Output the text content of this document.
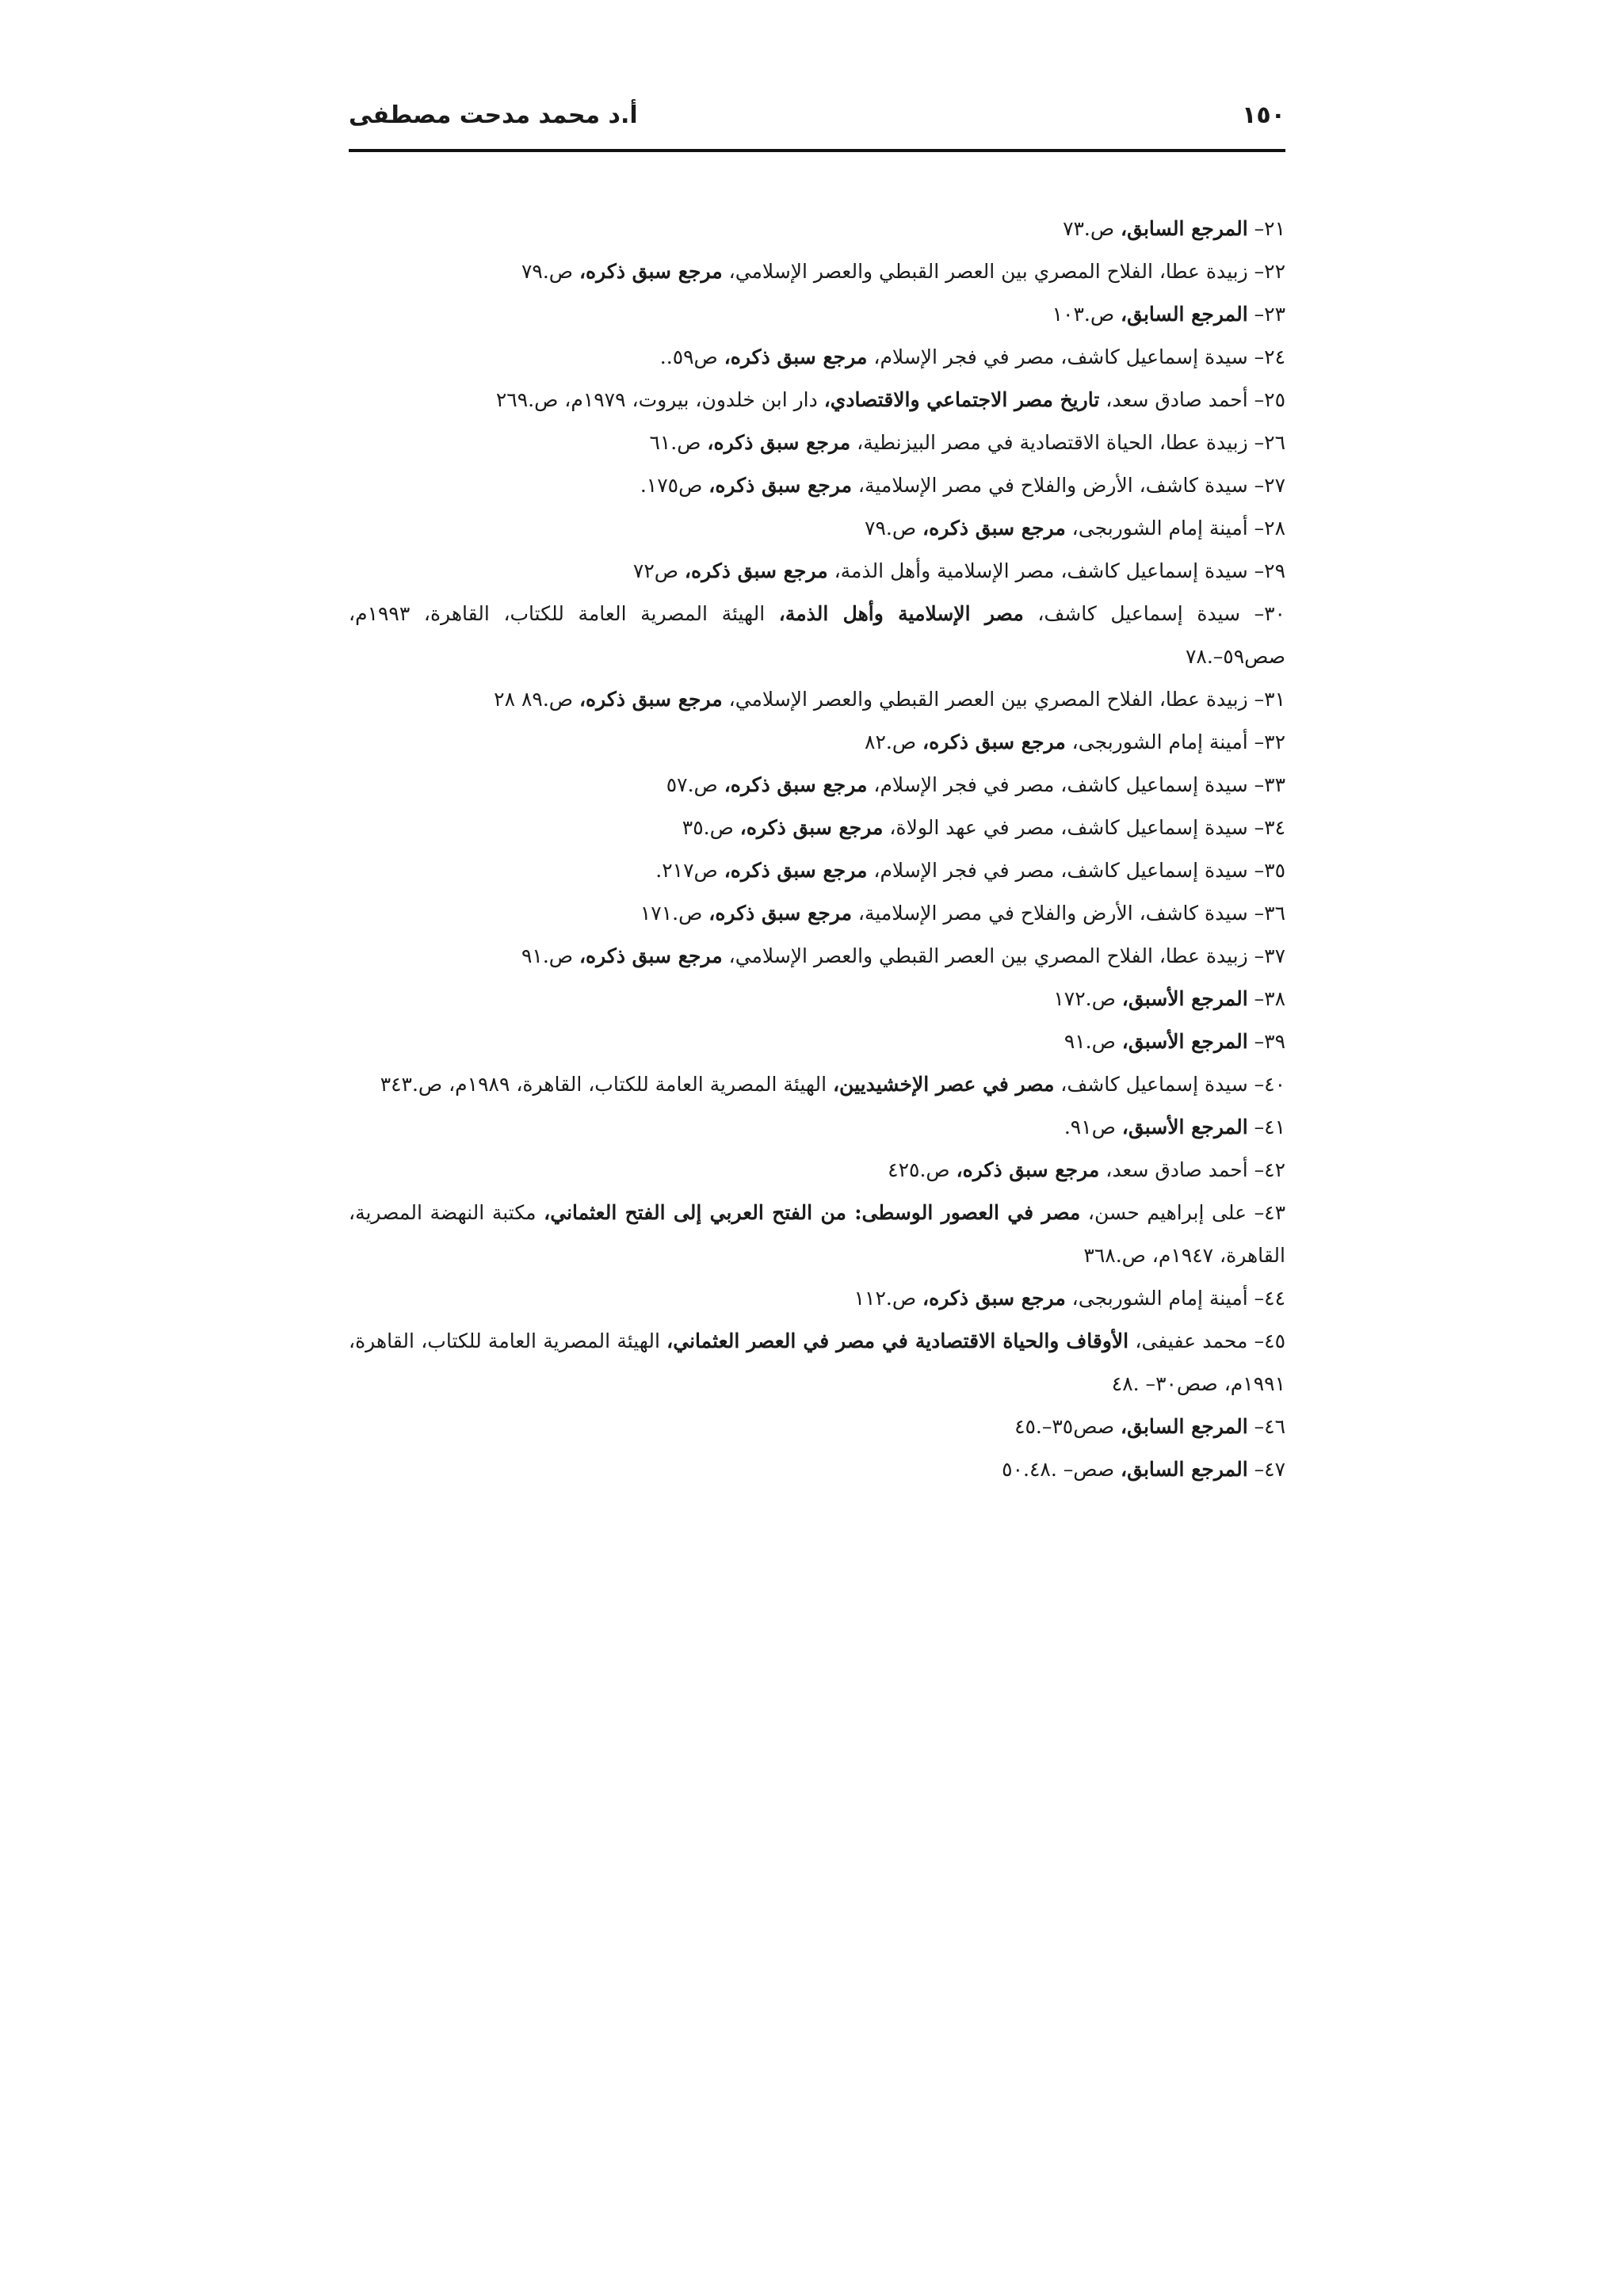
١٥٠
أ.د محمد مدحت مصطفى
٢١– المرجع السابق، ص.٧٣
٢٢– زبيدة عطا، الفلاح المصري بين العصر القبطي والعصر الإسلامي، مرجع سبق ذكره، ص.٧٩
٢٣– المرجع السابق، ص.١٠٣
٢٤– سيدة إسماعيل كاشف، مصر في فجر الإسلام، مرجع سبق ذكره، ص٥٩..
٢٥– أحمد صادق سعد، تاريخ مصر الاجتماعي والاقتصادي، دار ابن خلدون، بيروت، ١٩٧٩م، ص.٢٦٩
٢٦– زبيدة عطا، الحياة الاقتصادية في مصر البيزنطية، مرجع سبق ذكره، ص.٦١
٢٧– سيدة كاشف، الأرض والفلاح في مصر الإسلامية، مرجع سبق ذكره، ص١٧٥.
٢٨– أمينة إمام الشوربجى، مرجع سبق ذكره، ص.٧٩
٢٩– سيدة إسماعيل كاشف، مصر الإسلامية وأهل الذمة، مرجع سبق ذكره، ص٧٢
٣٠– سيدة إسماعيل كاشف، مصر الإسلامية وأهل الذمة، الهيئة المصرية العامة للكتاب، القاهرة، ١٩٩٣م، صص٥٩–.٧٨
٣١– زبيدة عطا، الفلاح المصري بين العصر القبطي والعصر الإسلامي، مرجع سبق ذكره، ص.٨٩ ٢٨
٣٢– أمينة إمام الشوربجى، مرجع سبق ذكره، ص.٨٢
٣٣– سيدة إسماعيل كاشف، مصر في فجر الإسلام، مرجع سبق ذكره، ص.٥٧
٣٤– سيدة إسماعيل كاشف، مصر في عهد الولاة، مرجع سبق ذكره، ص.٣٥
٣٥– سيدة إسماعيل كاشف، مصر في فجر الإسلام، مرجع سبق ذكره، ص٢١٧.
٣٦– سيدة كاشف، الأرض والفلاح في مصر الإسلامية، مرجع سبق ذكره، ص.١٧١
٣٧– زبيدة عطا، الفلاح المصري بين العصر القبطي والعصر الإسلامي، مرجع سبق ذكره، ص.٩١
٣٨– المرجع الأسبق، ص.١٧٢
٣٩– المرجع الأسبق، ص.٩١
٤٠– سيدة إسماعيل كاشف، مصر في عصر الإخشيديين، الهيئة المصرية العامة للكتاب، القاهرة، ١٩٨٩م، ص.٣٤٣
٤١– المرجع الأسبق، ص٩١.
٤٢– أحمد صادق سعد، مرجع سبق ذكره، ص.٤٢٥
٤٣– على إبراهيم حسن، مصر في العصور الوسطى: من الفتح العربي إلى الفتح العثماني، مكتبة النهضة المصرية، القاهرة، ١٩٤٧م، ص.٣٦٨
٤٤– أمينة إمام الشوربجى، مرجع سبق ذكره، ص.١١٢
٤٥– محمد عفيفى، الأوقاف والحياة الاقتصادية في مصر في العصر العثماني، الهيئة المصرية العامة للكتاب، القاهرة، ١٩٩١م، صص٣٠– .٤٨
٤٦– المرجع السابق، صص٣٥–.٤٥
٤٧– المرجع السابق، صص– .٥٠.٤٨
